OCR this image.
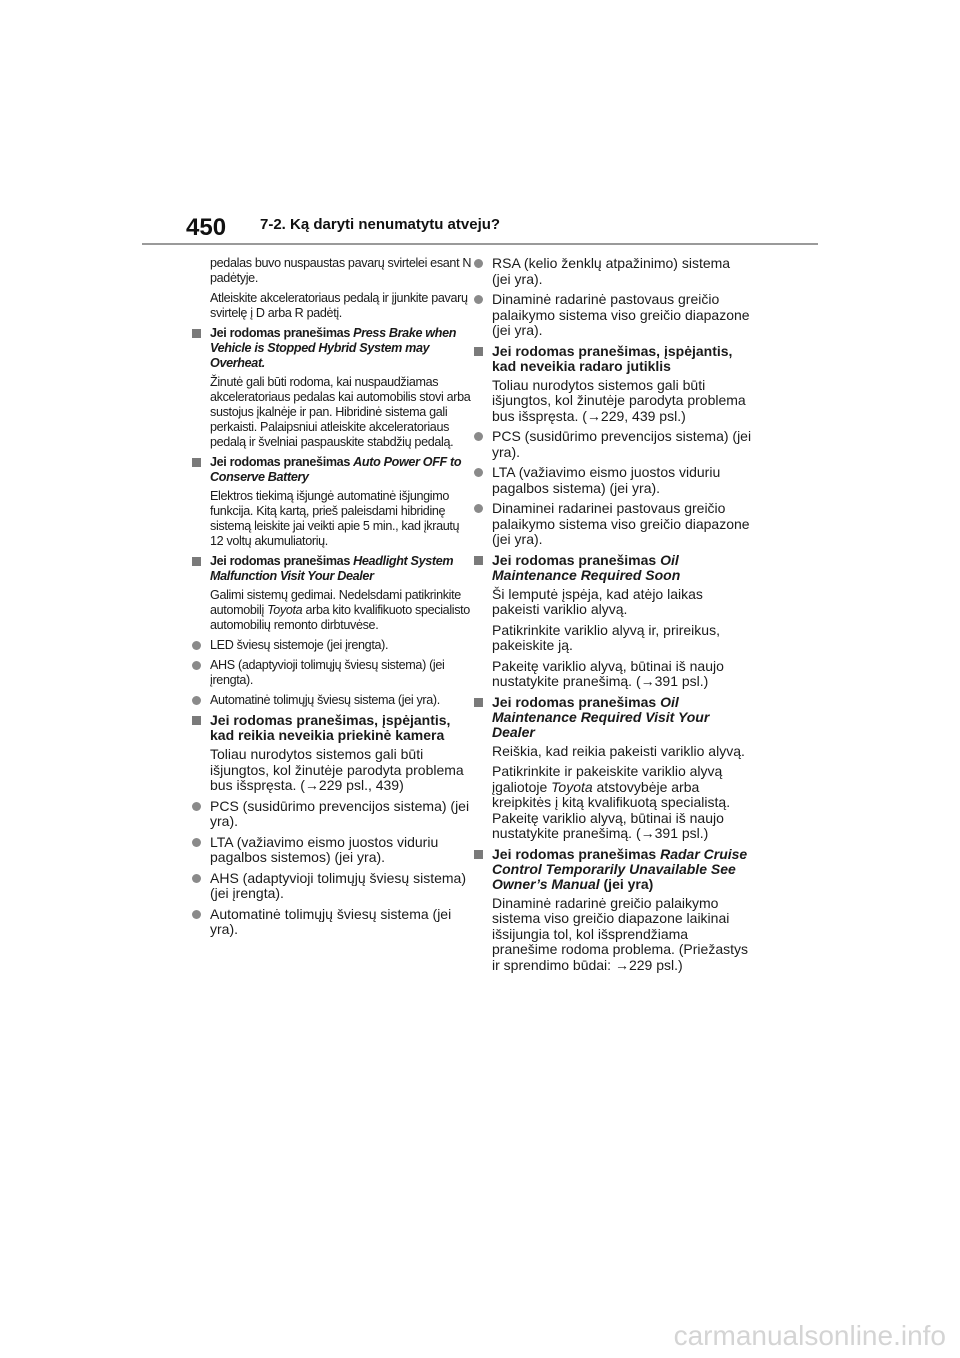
450 7-2. Ką daryti nenumatytu atveju?

pedalas buvo nuspaustas pavarų svirtelei esant N padėtyje.

Atleiskite akceleratoriaus pedalą ir įjunkite pavarų svirtelę į D arba R padėtį.

Jei rodomas pranešimas Press Brake when Vehicle is Stopped Hybrid System may Overheat.

Žinutė gali būti rodoma, kai nuspaudžiamas akceleratoriaus pedalas kai automobilis stovi arba sustojus įkalnėje ir pan. Hibridinė sistema gali perkaisti. Palaipsniui atleiskite akceleratoriaus pedalą ir švelniai paspauskite stabdžių pedalą.

Jei rodomas pranešimas Auto Power OFF to Conserve Battery

Elektros tiekimą išjungė automatinė išjungimo funkcija. Kitą kartą, prieš paleisdami hibridinę sistemą leiskite jai veikti apie 5 min., kad įkrautų 12 voltų akumuliatorių.

Jei rodomas pranešimas Headlight System Malfunction Visit Your Dealer

Galimi sistemų gedimai. Nedelsdami patikrinkite automobilį Toyota arba kito kvalifikuoto specialisto automobilių remonto dirbtuvėse.

LED šviesų sistemoje (jei įrengta).
AHS (adaptyvioji tolimųjų šviesų sistema) (jei įrengta).
Automatinė tolimųjų šviesų sistema (jei yra).
Jei rodomas pranešimas, įspėjantis, kad reikia neveikia priekinė kamera

Toliau nurodytos sistemos gali būti išjungtos, kol žinutėje parodyta problema bus išspręsta. (→229 psl., 439)

PCS (susidūrimo prevencijos sistema) (jei yra).
LTA (važiavimo eismo juostos viduriu pagalbos sistemos) (jei yra).
AHS (adaptyvioji tolimųjų šviesų sistema) (jei įrengta).
Automatinė tolimųjų šviesų sistema (jei yra).
RSA (kelio ženklų atpažinimo) sistema (jei yra).
Dinaminė radarinė pastovaus greičio palaikymo sistema viso greičio diapazone (jei yra).
Jei rodomas pranešimas, įspėjantis, kad neveikia radaro jutiklis

Toliau nurodytos sistemos gali būti išjungtos, kol žinutėje parodyta problema bus išspręsta. (→229, 439 psl.)

PCS (susidūrimo prevencijos sistema) (jei yra).
LTA (važiavimo eismo juostos viduriu pagalbos sistema) (jei yra).
Dinaminei radarinei pastovaus greičio palaikymo sistema viso greičio diapazone (jei yra).
Jei rodomas pranešimas Oil Maintenance Required Soon

Ši lemputė įspėja, kad atėjo laikas pakeisti variklio alyvą.

Patikrinkite variklio alyvą ir, prireikus, pakeiskite ją.

Pakeitę variklio alyvą, būtinai iš naujo nustatykite pranešimą. (→391 psl.)

Jei rodomas pranešimas Oil Maintenance Required Visit Your Dealer

Reiškia, kad reikia pakeisti variklio alyvą.

Patikrinkite ir pakeiskite variklio alyvą įgaliotoje Toyota atstovybėje arba kreipkitės į kitą kvalifikuotą specialistą. Pakeitę variklio alyvą, būtinai iš naujo nustatykite pranešimą. (→391 psl.)

Jei rodomas pranešimas Radar Cruise Control Temporarily Unavailable See Owner’s Manual (jei yra)

Dinaminė radarinė greičio palaikymo sistema viso greičio diapazone laikinai išsijungia tol, kol išsprendžiama pranešime rodoma problema. (Priežastys ir sprendimo būdai: →229 psl.)

carmanualsonline.info
